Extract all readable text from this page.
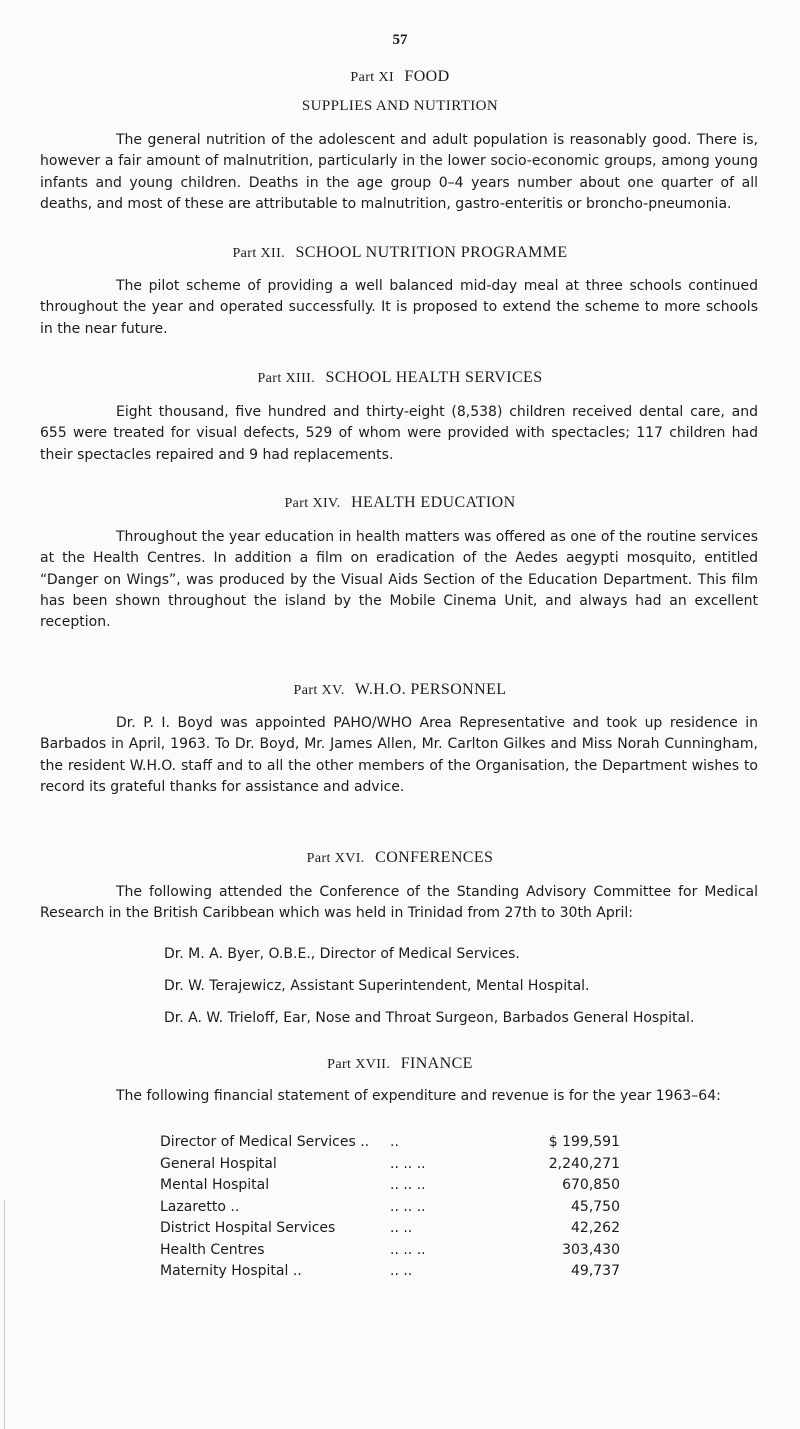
57
Part XI FOOD
SUPPLIES AND NUTIRTION

The general nutrition of the adolescent and adult population is reasonably good. There is, however a fair amount of malnutrition, particularly in the lower socio-economic groups, among young infants and young children. Deaths in the age group 0–4 years number about one quarter of all deaths, and most of these are attributable to malnutrition, gastro-enteritis or broncho-pneumonia.

Part XII. SCHOOL NUTRITION PROGRAMME

The pilot scheme of providing a well balanced mid-day meal at three schools continued throughout the year and operated successfully. It is proposed to extend the scheme to more schools in the near future.

Part XIII. SCHOOL HEALTH SERVICES

Eight thousand, five hundred and thirty-eight (8,538) children received dental care, and 655 were treated for visual defects, 529 of whom were provided with spectacles; 117 children had their spectacles repaired and 9 had replacements.

Part XIV. HEALTH EDUCATION

Throughout the year education in health matters was offered as one of the routine services at the Health Centres. In addition a film on eradication of the Aedes aegypti mosquito, entitled “Danger on Wings”, was produced by the Visual Aids Section of the Education Department. This film has been shown throughout the island by the Mobile Cinema Unit, and always had an excellent reception.

Part XV. W.H.O. PERSONNEL

Dr. P. I. Boyd was appointed PAHO/WHO Area Representative and took up residence in Barbados in April, 1963. To Dr. Boyd, Mr. James Allen, Mr. Carlton Gilkes and Miss Norah Cunningham, the resident W.H.O. staff and to all the other members of the Organisation, the Department wishes to record its grateful thanks for assistance and advice.

Part XVI. CONFERENCES

The following attended the Conference of the Standing Advisory Committee for Medical Research in the British Caribbean which was held in Trinidad from 27th to 30th April:

Dr. M. A. Byer, O.B.E., Director of Medical Services.

Dr. W. Terajewicz, Assistant Superintendent, Mental Hospital.

Dr. A. W. Trieloff, Ear, Nose and Throat Surgeon, Barbados General Hospital.

Part XVII. FINANCE

The following financial statement of expenditure and revenue is for the year 1963–64:

Director of Medical Services ..	..	$ 199,591
General Hospital	.. .. ..	2,240,271
Mental Hospital	.. .. ..	670,850
Lazaretto ..	.. .. ..	45,750
District Hospital Services	.. ..	42,262
Health Centres	.. .. ..	303,430
Maternity Hospital ..	.. ..	49,737
